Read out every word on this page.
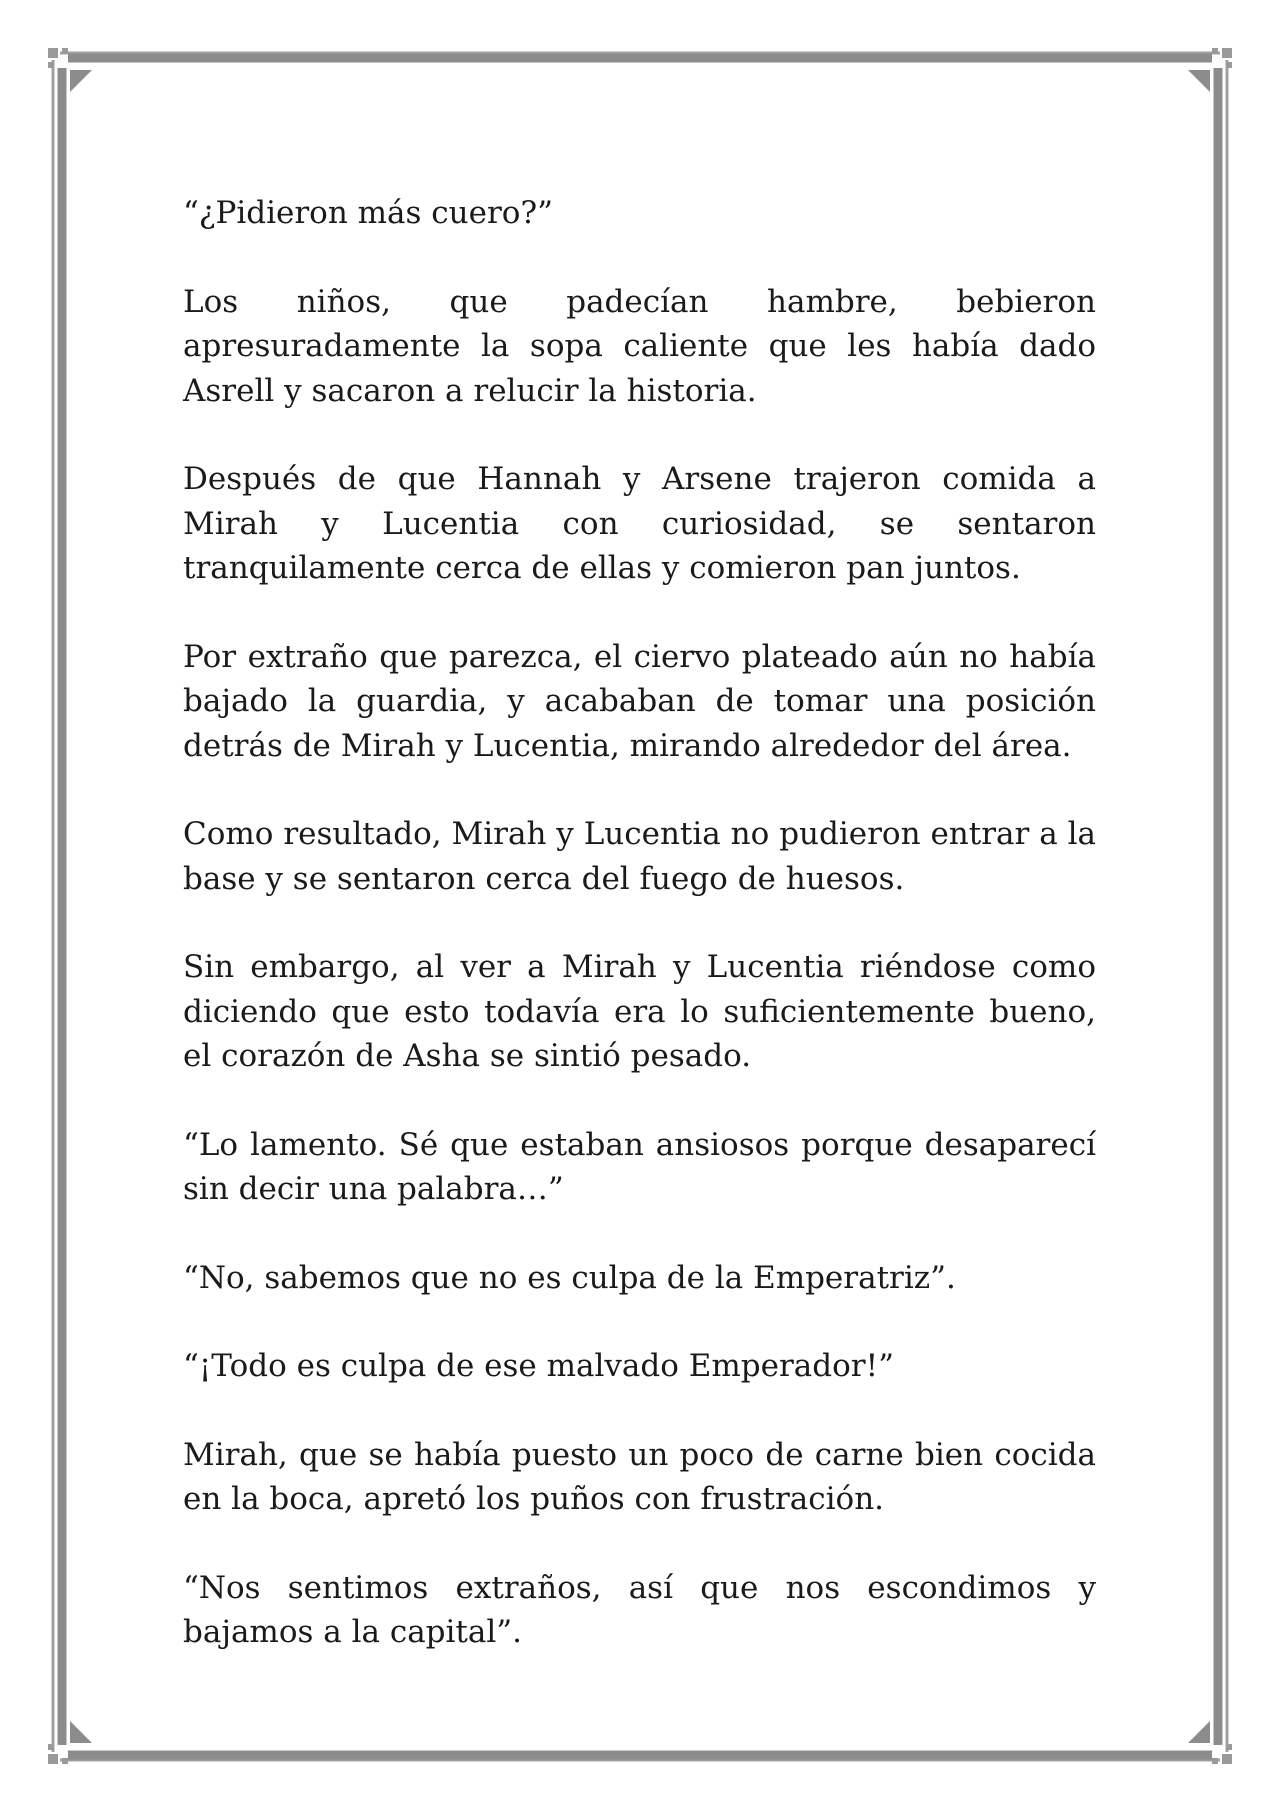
“¿Pidieron más cuero?”

Los niños, que padecían hambre, bebieron apresuradamente la sopa caliente que les había dado Asrell y sacaron a relucir la historia.

Después de que Hannah y Arsene trajeron comida a Mirah y Lucentia con curiosidad, se sentaron tranquilamente cerca de ellas y comieron pan juntos.

Por extraño que parezca, el ciervo plateado aún no había bajado la guardia, y acababan de tomar una posición detrás de Mirah y Lucentia, mirando alrededor del área.

Como resultado, Mirah y Lucentia no pudieron entrar a la base y se sentaron cerca del fuego de huesos.

Sin embargo, al ver a Mirah y Lucentia riéndose como diciendo que esto todavía era lo suficientemente bueno, el corazón de Asha se sintió pesado.

“Lo lamento. Sé que estaban ansiosos porque desaparecí sin decir una palabra…”

“No, sabemos que no es culpa de la Emperatriz”.

“¡Todo es culpa de ese malvado Emperador!”

Mirah, que se había puesto un poco de carne bien cocida en la boca, apretó los puños con frustración.

“Nos sentimos extraños, así que nos escondimos y bajamos a la capital”.
